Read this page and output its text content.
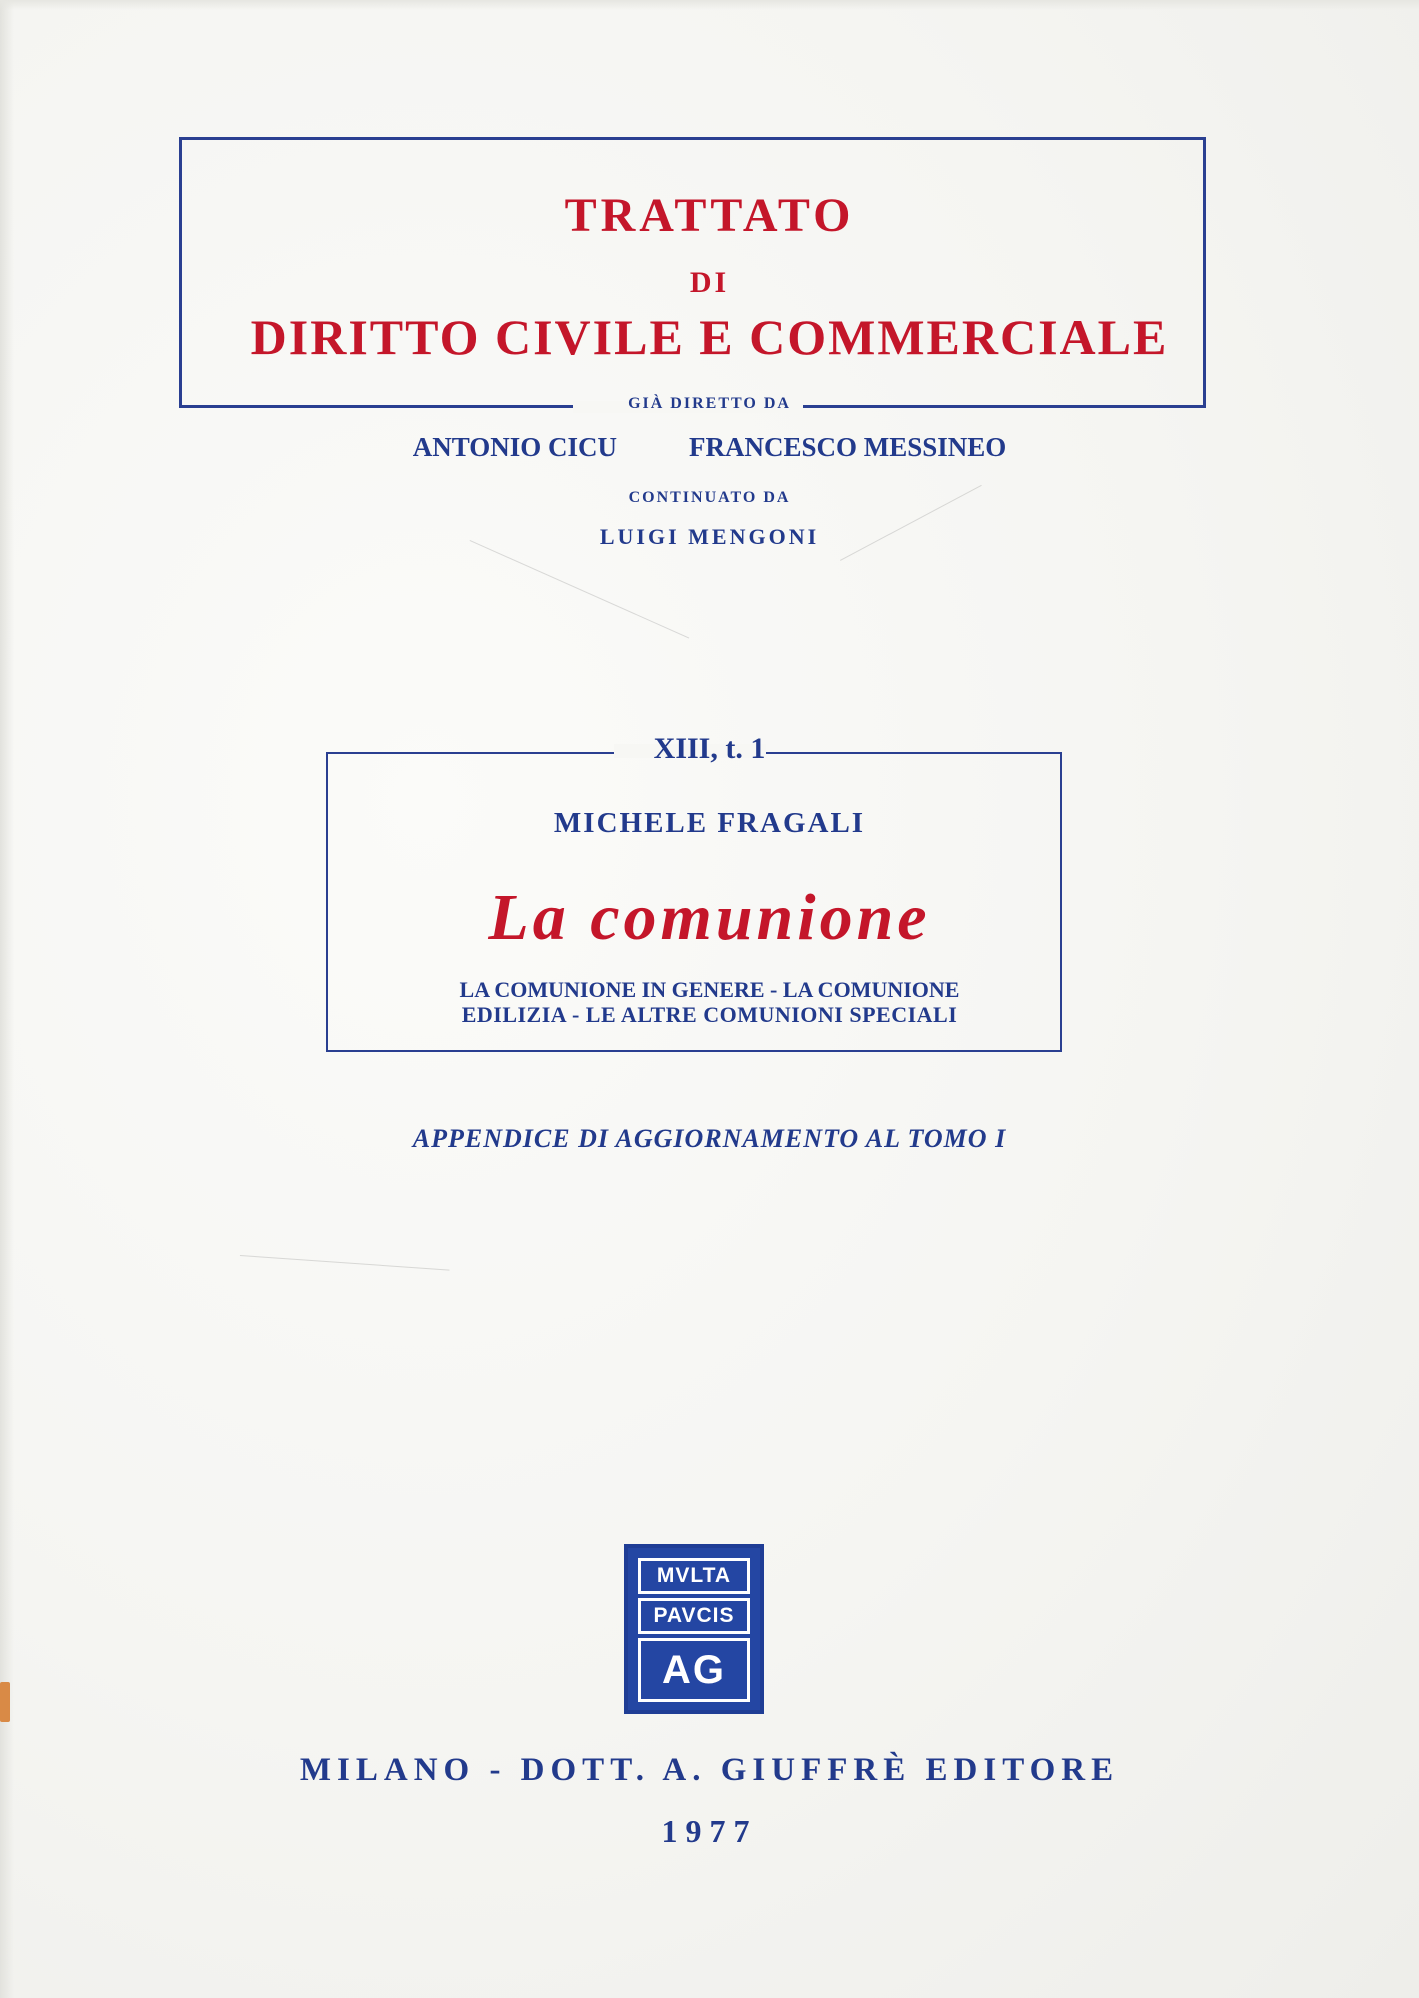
TRATTATO
DI
DIRITTO CIVILE E COMMERCIALE
GIÀ DIRETTO DA
ANTONIO CICU	FRANCESCO MESSINEO
CONTINUATO DA
LUIGI MENGONI
XIII, t. 1
MICHELE FRAGALI
La comunione
LA COMUNIONE IN GENERE - LA COMUNIONE
EDILIZIA - LE ALTRE COMUNIONI SPECIALI
APPENDICE DI AGGIORNAMENTO AL TOMO I
MVLTA
PAVCIS
AG
MILANO - DOTT. A. GIUFFRÈ EDITORE
1977
